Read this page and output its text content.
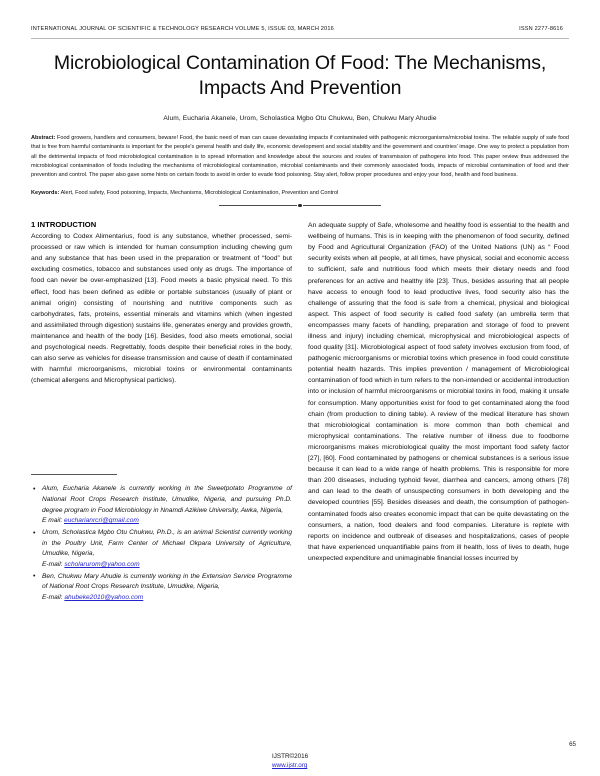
INTERNATIONAL JOURNAL OF SCIENTIFIC & TECHNOLOGY RESEARCH VOLUME 5, ISSUE 03, MARCH 2016	ISSN 2277-8616
Microbiological Contamination Of Food: The Mechanisms, Impacts And Prevention
Alum, Eucharia Akanele, Urom, Scholastica Mgbo Otu Chukwu, Ben, Chukwu Mary Ahudie
Abstract: Food growers, handlers and consumers, beware! Food, the basic need of man can cause devastating impacts if contaminated with pathogenic microorganisms/microbial toxins. The reliable supply of safe food that is free from harmful contaminants is important for the people's general health and daily life, economic development and social stability and the government and countries' image. One way to protect a population from all the detrimental impacts of food microbiological contamination is to spread information and knowledge about the sources and routes of transmission of pathogens into food. This paper review thus addressed the microbiological contamination of foods including the mechanisms of microbiological contamination, microbial contaminants and their commonly associated foods, impacts of microbial contamination of food and their prevention and control. The paper also gave some hints on certain foods to avoid in order to evade food poisoning. Stay alert, follow proper procedures and enjoy your food, health and food business.
Keywords: Alert, Food safety, Food poisoning, Impacts, Mechanisms, Microbiological Contamination, Prevention and Control
1 INTRODUCTION

According to Codex Alimentarius, food is any substance, whether processed, semi-processed or raw which is intended for human consumption including chewing gum and any substance that has been used in the preparation or treatment of “food” but excluding cosmetics, tobacco and substances used only as drugs. The importance of food can never be over-emphasized [13]. Food meets a basic physical need. To this effect, food has been defined as edible or portable substances (usually of plant or animal origin) consisting of nourishing and nutritive components such as carbohydrates, fats, proteins, essential minerals and vitamins which (when ingested and assimilated through digestion) sustains life, generates energy and provides growth, maintenance and health of the body [16]. Besides, food also meets emotional, social and psychological needs. Regrettably, foods despite their beneficial roles in the body, can also serve as vehicles for disease transmission and cause of death if contaminated with harmful microorganisms, microbial toxins or environmental contaminants (chemical allergens and Microphysical particles).

• Alum, Eucharia Akanele is currently working in the Sweetpotato Programme of National Root Crops Research Institute, Umudike, Nigeria, and pursuing Ph.D. degree program in Food Microbiology in Nnamdi Azikiwe University, Awka, Nigeria,
E mail: eucharianrcri@gmail.com
• Urom, Scholastica Mgbo Otu Chukwu, Ph.D., is an animal Scientist currently working in the Poultry Unit, Farm Center of Michael Okpara University of Agriculture, Umudike, Nigeria,
E-mail: scholarurom@yahoo.com
• Ben, Chukwu Mary Ahudie is currently working in the Extension Service Programme of National Root Crops Research Institute, Umudike, Nigeria,
E-mail: ahubeke2010@yahoo.com

An adequate supply of Safe, wholesome and healthy food is essential to the health and wellbeing of humans. This is in keeping with the phenomenon of food security, defined by Food and Agricultural Organization (FAO) of the United Nations (UN) as “ Food security exists when all people, at all times, have physical, social and economic access to sufficient, safe and nutritious food which meets their dietary needs and food preferences for an active and healthy life [23]. Thus, besides assuring that all people have access to enough food to lead productive lives, food security also has the challenge of assuring that the food is safe from a chemical, physical and biological aspect. This aspect of food security is called food safety (an umbrella term that encompasses many facets of handling, preparation and storage of food to prevent illness and injury) including chemical, microphysical and microbiological aspects of food quality [31]. Microbiological aspect of food safety involves exclusion from food, of pathogenic microorganisms or microbial toxins which presence in food could constitute potential health hazards. This implies prevention / management of Microbiological contamination of food which in turn refers to the non-intended or accidental introduction into or inclusion of harmful microorganisms or microbial toxins in food, making it unsafe for consumption. Many opportunities exist for food to get contaminated along the food chain (from production to dining table). A review of the medical literature has shown that microbiological contamination is more common than both chemical and microphysical contaminations. The relative number of illness due to foodborne microorganisms makes microbiological quality the most important food safety factor [27], [60]. Food contaminated by pathogens or chemical substances is a serious issue because it can lead to a wide range of health problems. This is responsible for more than 200 diseases, including typhoid fever, diarrhea and cancers, among others [78] and can lead to the death of unsuspecting consumers in both developing and the developed countries [55]. Besides diseases and death, the consumption of pathogen-contaminated foods also creates economic impact that can be quite devastating on the consumers, a nation, food dealers and food companies. Literature is replete with reports on incidence and outbreak of diseases and hospitalizations, cases of people that have experienced unquantifiable pains from ill health, loss of lives to death, huge unexpected expenditure and unimaginable financial losses incurred by

65
IJSTR©2016
www.ijstr.org
